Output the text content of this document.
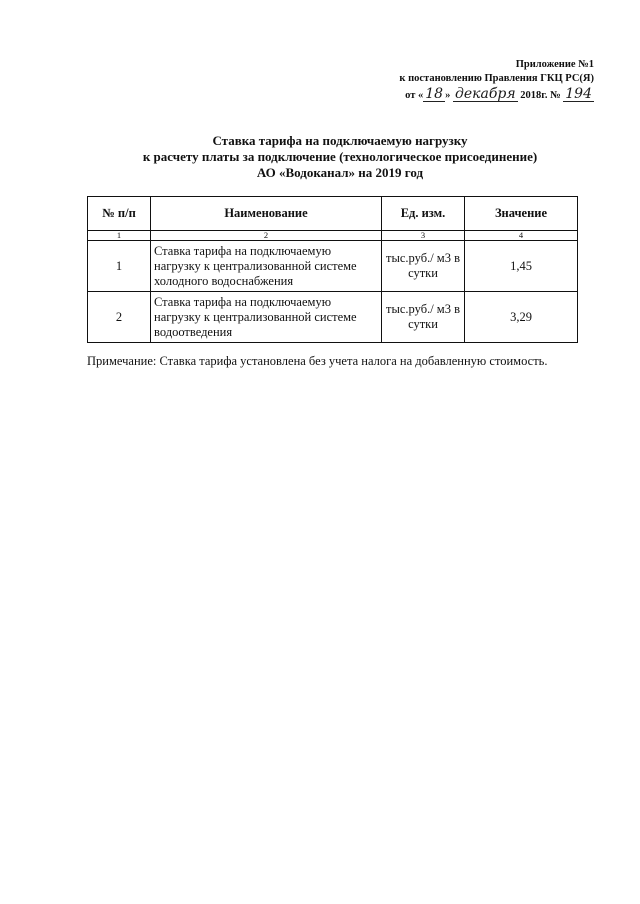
Приложение №1
к постановлению Правления ГКЦ РС(Я)
от « 18 » декабря 2018г. № 194
Ставка тарифа на подключаемую нагрузку
к расчету платы за подключение (технологическое присоединение)
АО «Водоканал» на 2019 год
№ п/п	Наименование	Ед. изм.	Значение
1	2	3	4
1	Ставка тарифа на подключаемую нагрузку к централизованной системе холодного водоснабжения	тыс.руб./ м3 в сутки	1,45
2	Ставка тарифа на подключаемую нагрузку к централизованной системе водоотведения	тыс.руб./ м3 в сутки	3,29
Примечание: Ставка тарифа установлена без учета налога на добавленную стоимость.
